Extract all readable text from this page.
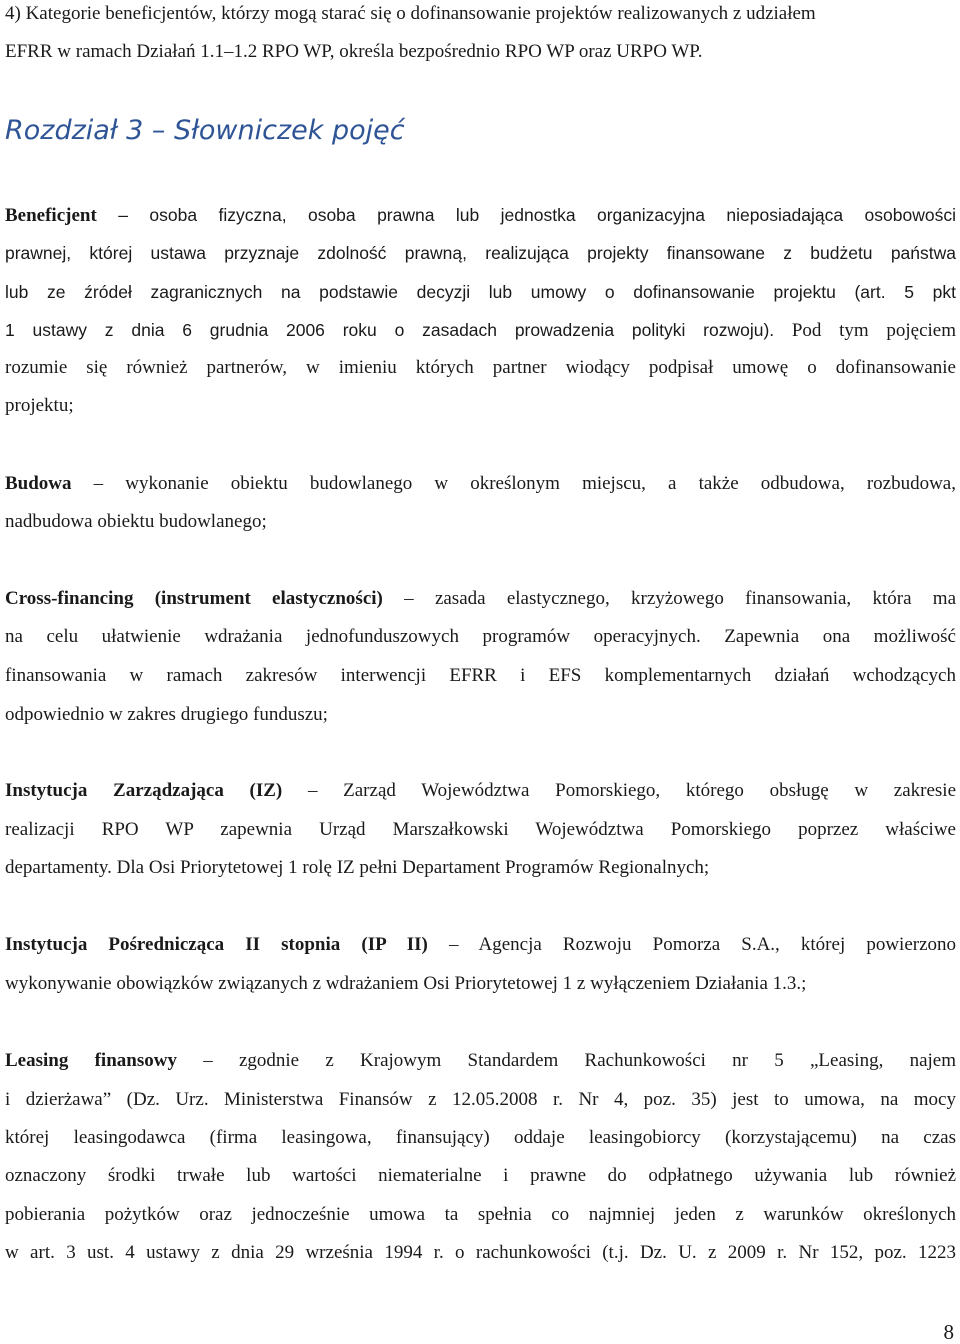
4) Kategorie beneficjentów, którzy mogą starać się o dofinansowanie projektów realizowanych z udziałem
EFRR w ramach Działań 1.1–1.2 RPO WP, określa bezpośrednio RPO WP oraz URPO WP.
Rozdział 3 – Słowniczek pojęć
Beneficjent – osoba fizyczna, osoba prawna lub jednostka organizacyjna nieposiadająca osobowości
prawnej, której ustawa przyznaje zdolność prawną, realizująca projekty finansowane z budżetu państwa
lub ze źródeł zagranicznych na podstawie decyzji lub umowy o dofinansowanie projektu (art. 5 pkt
1 ustawy z dnia 6 grudnia 2006 roku o zasadach prowadzenia polityki rozwoju). Pod tym pojęciem
rozumie się również partnerów, w imieniu których partner wiodący podpisał umowę o dofinansowanie
projektu;
Budowa – wykonanie obiektu budowlanego w określonym miejscu, a także odbudowa, rozbudowa,
nadbudowa obiektu budowlanego;
Cross-financing (instrument elastyczności) – zasada elastycznego, krzyżowego finansowania, która ma
na celu ułatwienie wdrażania jednofunduszowych programów operacyjnych. Zapewnia ona możliwość
finansowania w ramach zakresów interwencji EFRR i EFS komplementarnych działań wchodzących
odpowiednio w zakres drugiego funduszu;
Instytucja Zarządzająca (IZ) – Zarząd Województwa Pomorskiego, którego obsługę w zakresie
realizacji RPO WP zapewnia Urząd Marszałkowski Województwa Pomorskiego poprzez właściwe
departamenty. Dla Osi Priorytetowej 1 rolę IZ pełni Departament Programów Regionalnych;
Instytucja Pośrednicząca II stopnia (IP II) – Agencja Rozwoju Pomorza S.A., której powierzono
wykonywanie obowiązków związanych z wdrażaniem Osi Priorytetowej 1 z wyłączeniem Działania 1.3.;
Leasing finansowy – zgodnie z Krajowym Standardem Rachunkowości nr 5 „Leasing, najem
i dzierżawa” (Dz. Urz. Ministerstwa Finansów z 12.05.2008 r. Nr 4, poz. 35) jest to umowa, na mocy
której leasingodawca (firma leasingowa, finansujący) oddaje leasingobiorcy (korzystającemu) na czas
oznaczony środki trwałe lub wartości niematerialne i prawne do odpłatnego używania lub również
pobierania pożytków oraz jednocześnie umowa ta spełnia co najmniej jeden z warunków określonych
w art. 3 ust. 4 ustawy z dnia 29 września 1994 r. o rachunkowości (t.j. Dz. U. z 2009 r. Nr 152, poz. 1223
8
